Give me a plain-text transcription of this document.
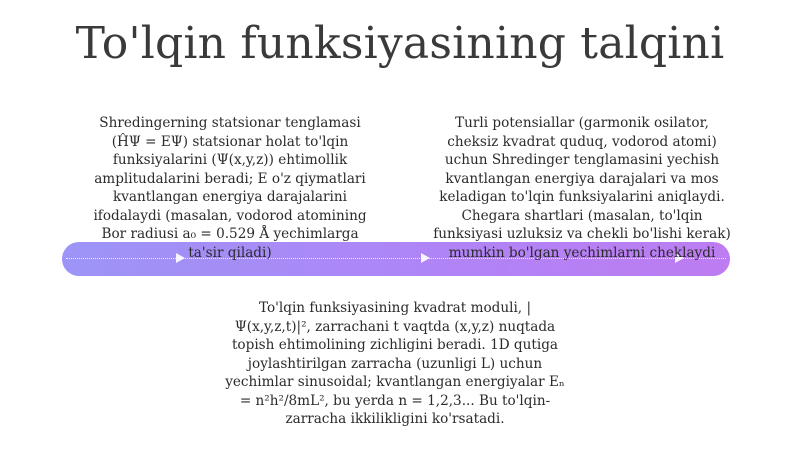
To'lqin funksiyasining talqini
Shredingerning statsionar tenglamasi
(ĤΨ = EΨ) statsionar holat to'lqin
funksiyalarini (Ψ(x,y,z)) ehtimollik
amplitudalarini beradi; E o'z qiymatlari
kvantlangan energiya darajalarini
ifodalaydi (masalan, vodorod atomining
Bor radiusi a₀ = 0.529 Å yechimlarga
ta'sir qiladi)
Turli potensiallar (garmonik osilator,
cheksiz kvadrat quduq, vodorod atomi)
uchun Shredinger tenglamasini yechish
kvantlangan energiya darajalari va mos
keladigan to'lqin funksiyalarini aniqlaydi.
Chegara shartlari (masalan, to'lqin
funksiyasi uzluksiz va chekli bo'lishi kerak)
mumkin bo'lgan yechimlarni cheklaydi
To'lqin funksiyasining kvadrat moduli, |
Ψ(x,y,z,t)|², zarrachani t vaqtda (x,y,z) nuqtada
topish ehtimolining zichligini beradi. 1D qutiga
joylashtirilgan zarracha (uzunligi L) uchun
yechimlar sinusoidal; kvantlangan energiyalar Eₙ
= n²h²/8mL², bu yerda n = 1,2,3... Bu to'lqin-
zarracha ikkilikligini ko'rsatadi.
